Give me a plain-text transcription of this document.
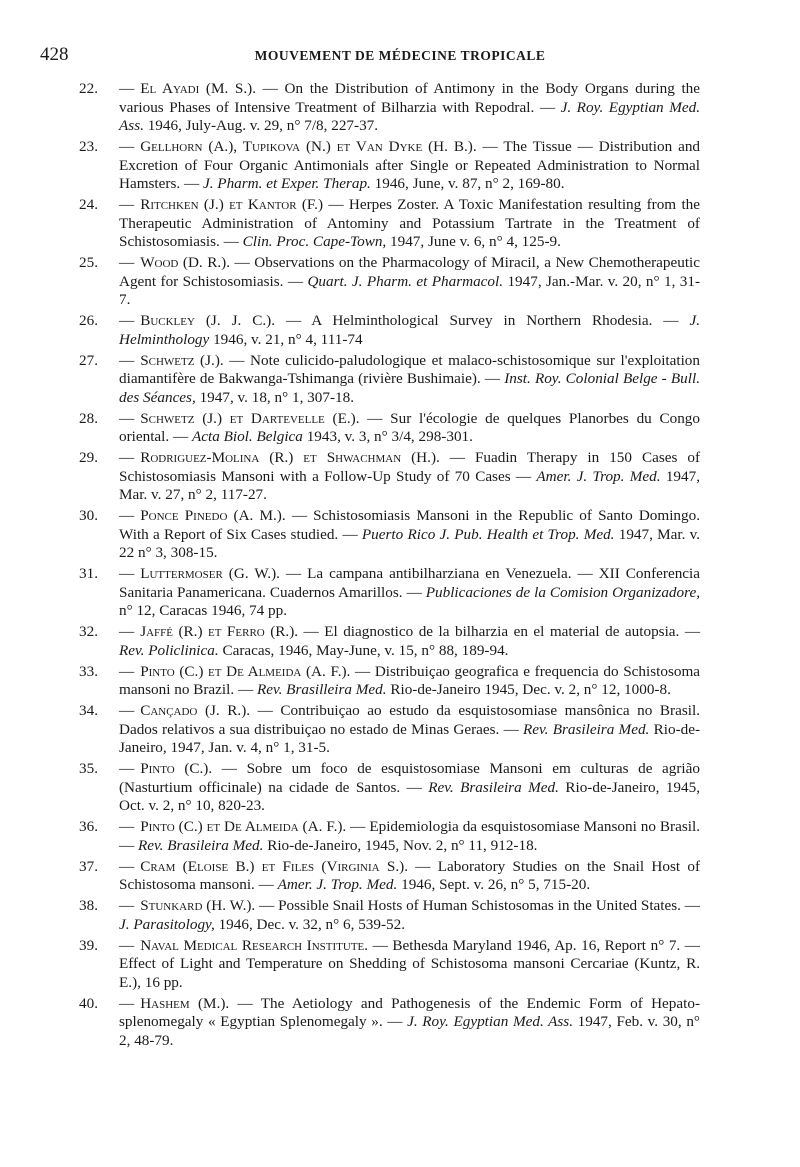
428	MOUVEMENT DE MÉDECINE TROPICALE
22. — El Ayadi (M. S.). — On the Distribution of Antimony in the Body Organs during the various Phases of Intensive Treatment of Bilharzia with Repodral. — J. Roy. Egyptian Med. Ass. 1946, July-Aug. v. 29, n° 7/8, 227-37.
23. — Gellhorn (A.), Tupikova (N.) et Van Dyke (H. B.). — The Tissue — Distribution and Excretion of Four Organic Antimonials after Single or Repeated Administration to Normal Hamsters. — J. Pharm. et Exper. Therap. 1946, June, v. 87, n° 2, 169-80.
24. — Ritchken (J.) et Kantor (F.) — Herpes Zoster. A Toxic Manifestation resulting from the Therapeutic Administration of Antominy and Potassium Tartrate in the Treatment of Schistosomiasis. — Clin. Proc. Cape-Town, 1947, June v. 6, n° 4, 125-9.
25. — Wood (D. R.). — Observations on the Pharmacology of Miracil, a New Chemotherapeutic Agent for Schistosomiasis. — Quart. J. Pharm. et Pharmacol. 1947, Jan.-Mar. v. 20, n° 1, 31-7.
26. — Buckley (J. J. C.). — A Helminthological Survey in Northern Rhodesia. — J. Helminthology 1946, v. 21, n° 4, 111-74
27. — Schwetz (J.). — Note culicido-paludologique et malaco-schistosomique sur l'exploitation diamantifère de Bakwanga-Tshimanga (rivière Bushimaie). — Inst. Roy. Colonial Belge - Bull. des Séances, 1947, v. 18, n° 1, 307-18.
28. — Schwetz (J.) et Dartevelle (E.). — Sur l'écologie de quelques Planorbes du Congo oriental. — Acta Biol. Belgica 1943, v. 3, n° 3/4, 298-301.
29. — Rodriguez-Molina (R.) et Shwachman (H.). — Fuadin Therapy in 150 Cases of Schistosomiasis Mansoni with a Follow-Up Study of 70 Cases — Amer. J. Trop. Med. 1947, Mar. v. 27, n° 2, 117-27.
30. — Ponce Pinedo (A. M.). — Schistosomiasis Mansoni in the Republic of Santo Domingo. With a Report of Six Cases studied. — Puerto Rico J. Pub. Health et Trop. Med. 1947, Mar. v. 22 n° 3, 308-15.
31. — Luttermoser (G. W.). — La campana antibilharziana en Venezuela. — XII Conferencia Sanitaria Panamericana. Cuadernos Amarillos. — Publicaciones de la Comision Organizadore, n° 12, Caracas 1946, 74 pp.
32. — Jaffé (R.) et Ferro (R.). — El diagnostico de la bilharzia en el material de autopsia. — Rev. Policlinica. Caracas, 1946, May-June, v. 15, n° 88, 189-94.
33. — Pinto (C.) et De Almeida (A. F.). — Distribuiçao geografica e frequencia do Schistosoma mansoni no Brazil. — Rev. Brasilleira Med. Rio-de-Janeiro 1945, Dec. v. 2, n° 12, 1000-8.
34. — Cançado (J. R.). — Contribuiçao ao estudo da esquistosomiase mansônica no Brasil. Dados relativos a sua distribuiçao no estado de Minas Geraes. — Rev. Brasileira Med. Rio-de-Janeiro, 1947, Jan. v. 4, n° 1, 31-5.
35. — Pinto (C.). — Sobre um foco de esquistosomiase Mansoni em culturas de agrião (Nasturtium officinale) na cidade de Santos. — Rev. Brasileira Med. Rio-de-Janeiro, 1945, Oct. v. 2, n° 10, 820-23.
36. — Pinto (C.) et De Almeida (A. F.). — Epidemiologia da esquistosomiase Mansoni no Brasil. — Rev. Brasileira Med. Rio-de-Janeiro, 1945, Nov. 2, n° 11, 912-18.
37. — Cram (Eloise B.) et Files (Virginia S.). — Laboratory Studies on the Snail Host of Schistosoma mansoni. — Amer. J. Trop. Med. 1946, Sept. v. 26, n° 5, 715-20.
38. — Stunkard (H. W.). — Possible Snail Hosts of Human Schistosomas in the United States. — J. Parasitology, 1946, Dec. v. 32, n° 6, 539-52.
39. — Naval Medical Research Institute. — Bethesda Maryland 1946, Ap. 16, Report n° 7. — Effect of Light and Temperature on Shedding of Schistosoma mansoni Cercariae (Kuntz, R. E.), 16 pp.
40. — Hashem (M.). — The Aetiology and Pathogenesis of the Endemic Form of Hepato-splenomegaly « Egyptian Splenomegaly ». — J. Roy. Egyptian Med. Ass. 1947, Feb. v. 30, n° 2, 48-79.
